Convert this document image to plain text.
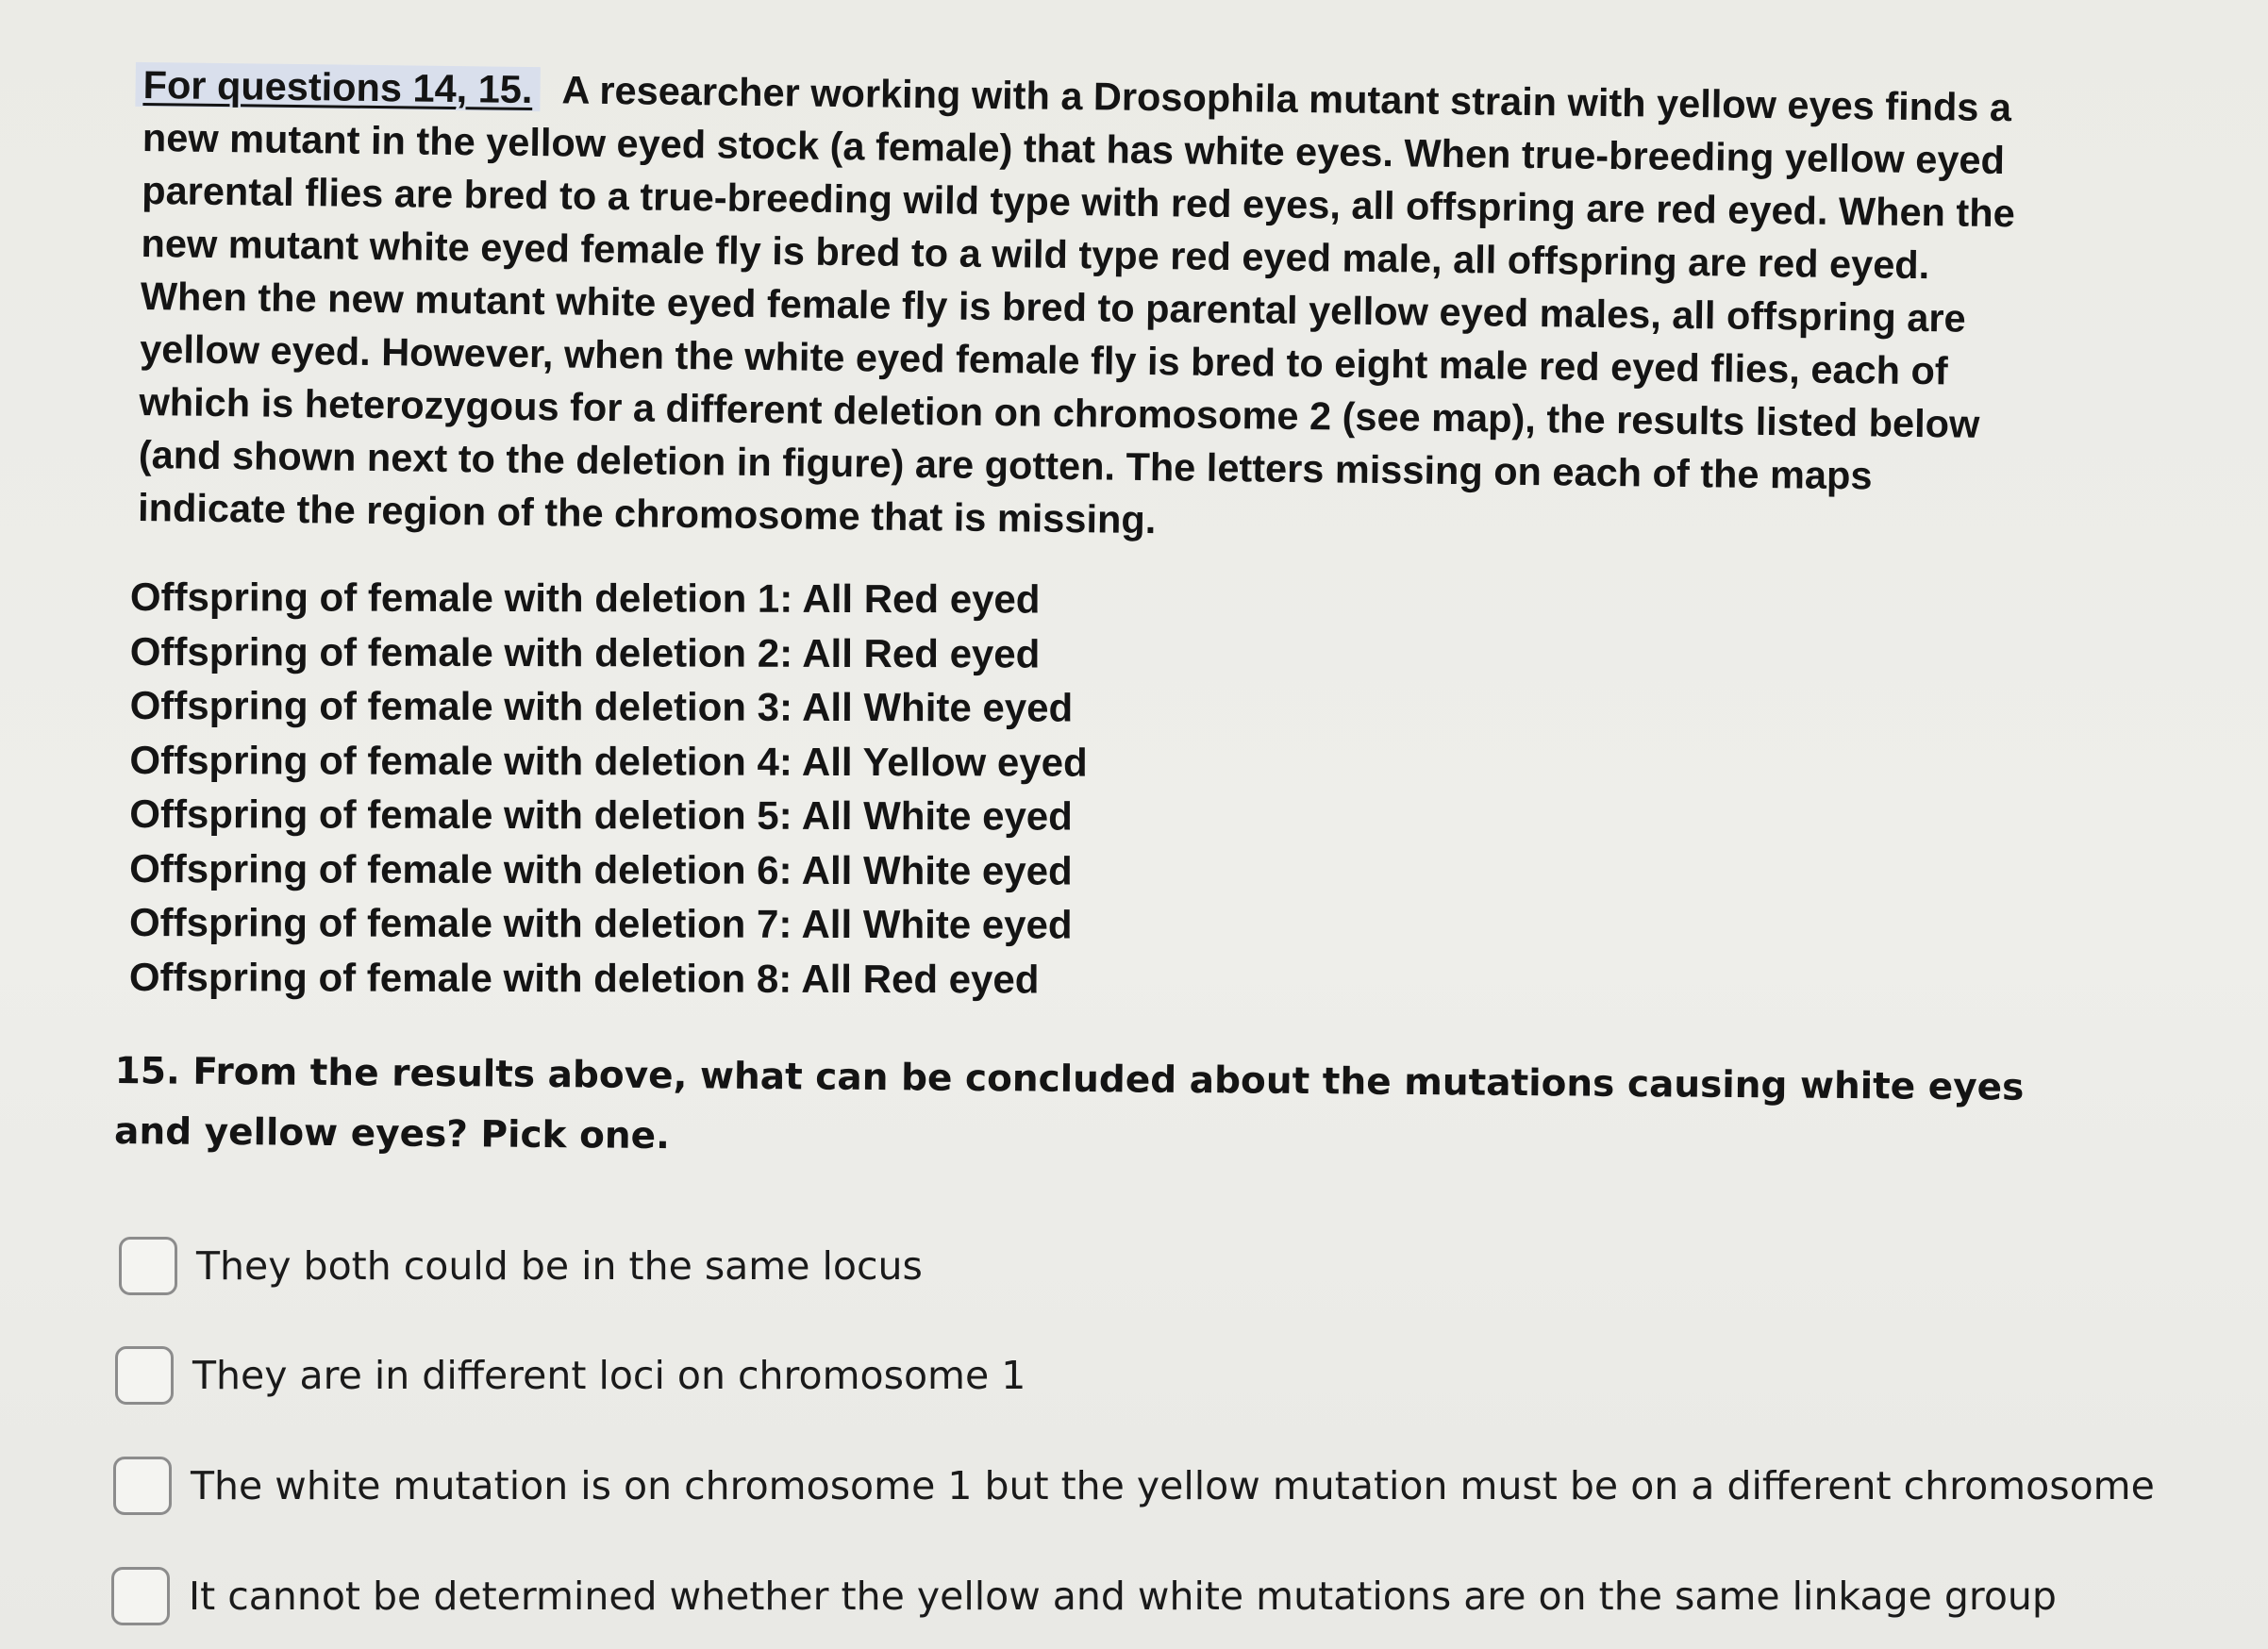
For questions 14, 15. A researcher working with a Drosophila mutant strain with yellow eyes finds a new mutant in the yellow eyed stock (a female) that has white eyes. When true-breeding yellow eyed parental flies are bred to a true-breeding wild type with red eyes, all offspring are red eyed. When the new mutant white eyed female fly is bred to a wild type red eyed male, all offspring are red eyed. When the new mutant white eyed female fly is bred to parental yellow eyed males, all offspring are yellow eyed. However, when the white eyed female fly is bred to eight male red eyed flies, each of which is heterozygous for a different deletion on chromosome 2 (see map), the results listed below (and shown next to the deletion in figure) are gotten. The letters missing on each of the maps indicate the region of the chromosome that is missing.
Offspring of female with deletion 1: All Red eyed
Offspring of female with deletion 2: All Red eyed
Offspring of female with deletion 3: All White eyed
Offspring of female with deletion 4: All Yellow eyed
Offspring of female with deletion 5: All White eyed
Offspring of female with deletion 6: All White eyed
Offspring of female with deletion 7: All White eyed
Offspring of female with deletion 8: All Red eyed
15. From the results above, what can be concluded about the mutations causing white eyes and yellow eyes? Pick one.
They both could be in the same locus
They are in different loci on chromosome 1
The white mutation is on chromosome 1 but the yellow mutation must be on a different chromosome
It cannot be determined whether the yellow and white mutations are on the same linkage group
